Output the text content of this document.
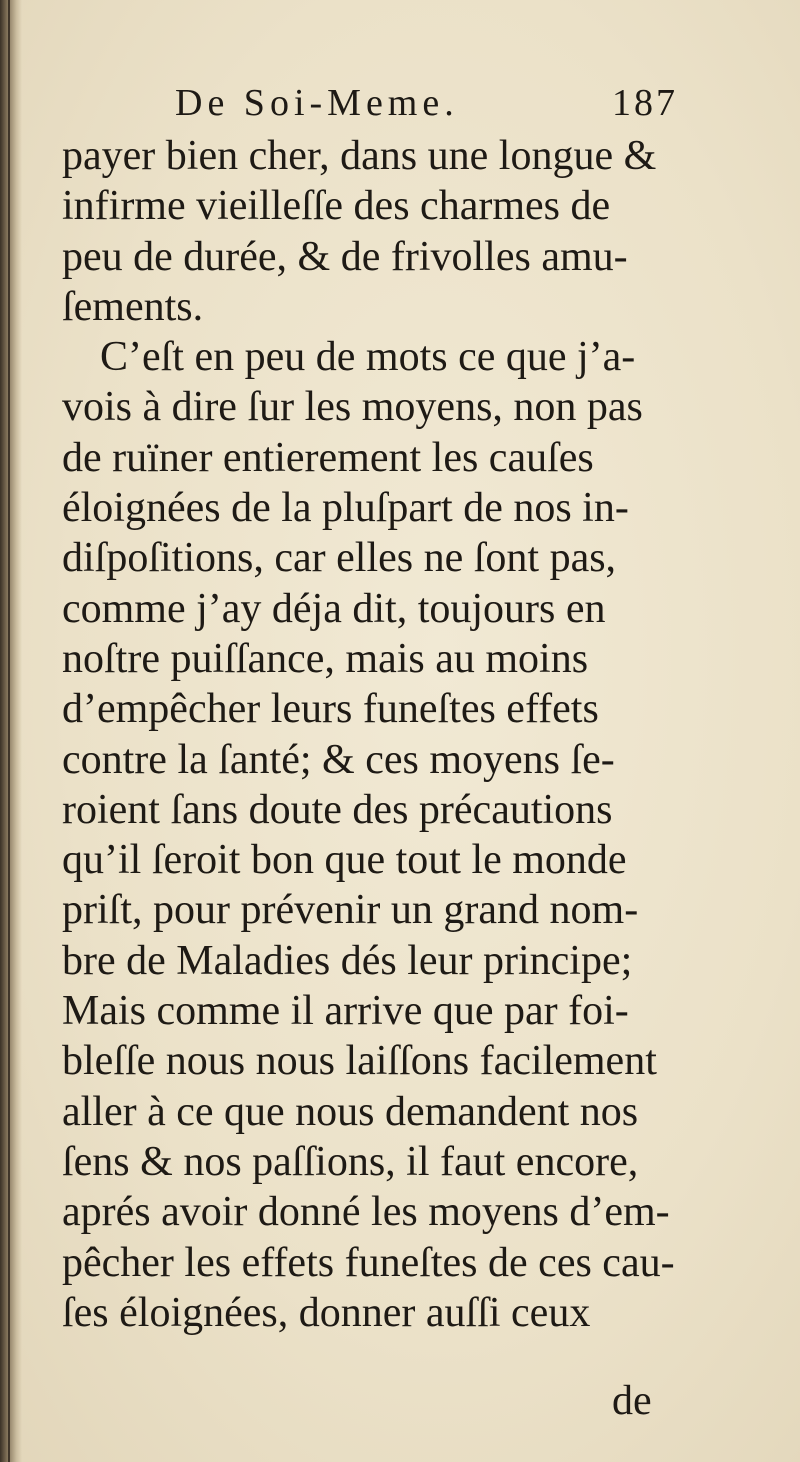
De Soi-Meme.	187
payer bien cher, dans une longue &
infirme vieilleſſe des charmes de
peu de durée, & de frivolles amu-
ſements.
C’eſt en peu de mots ce que j’a-
vois à dire ſur les moyens, non pas
de ruïner entierement les cauſes
éloignées de la pluſpart de nos in-
diſpoſitions, car elles ne ſont pas,
comme j’ay déja dit, toujours en
noſtre puiſſance, mais au moins
d’empêcher leurs funeſtes effets
contre la ſanté; & ces moyens ſe-
roient ſans doute des précautions
qu’il ſeroit bon que tout le monde
priſt, pour prévenir un grand nom-
bre de Maladies dés leur principe;
Mais comme il arrive que par foi-
bleſſe nous nous laiſſons facilement
aller à ce que nous demandent nos
ſens & nos paſſions, il faut encore,
aprés avoir donné les moyens d’em-
pêcher les effets funeſtes de ces cau-
ſes éloignées, donner auſſi ceux
de
